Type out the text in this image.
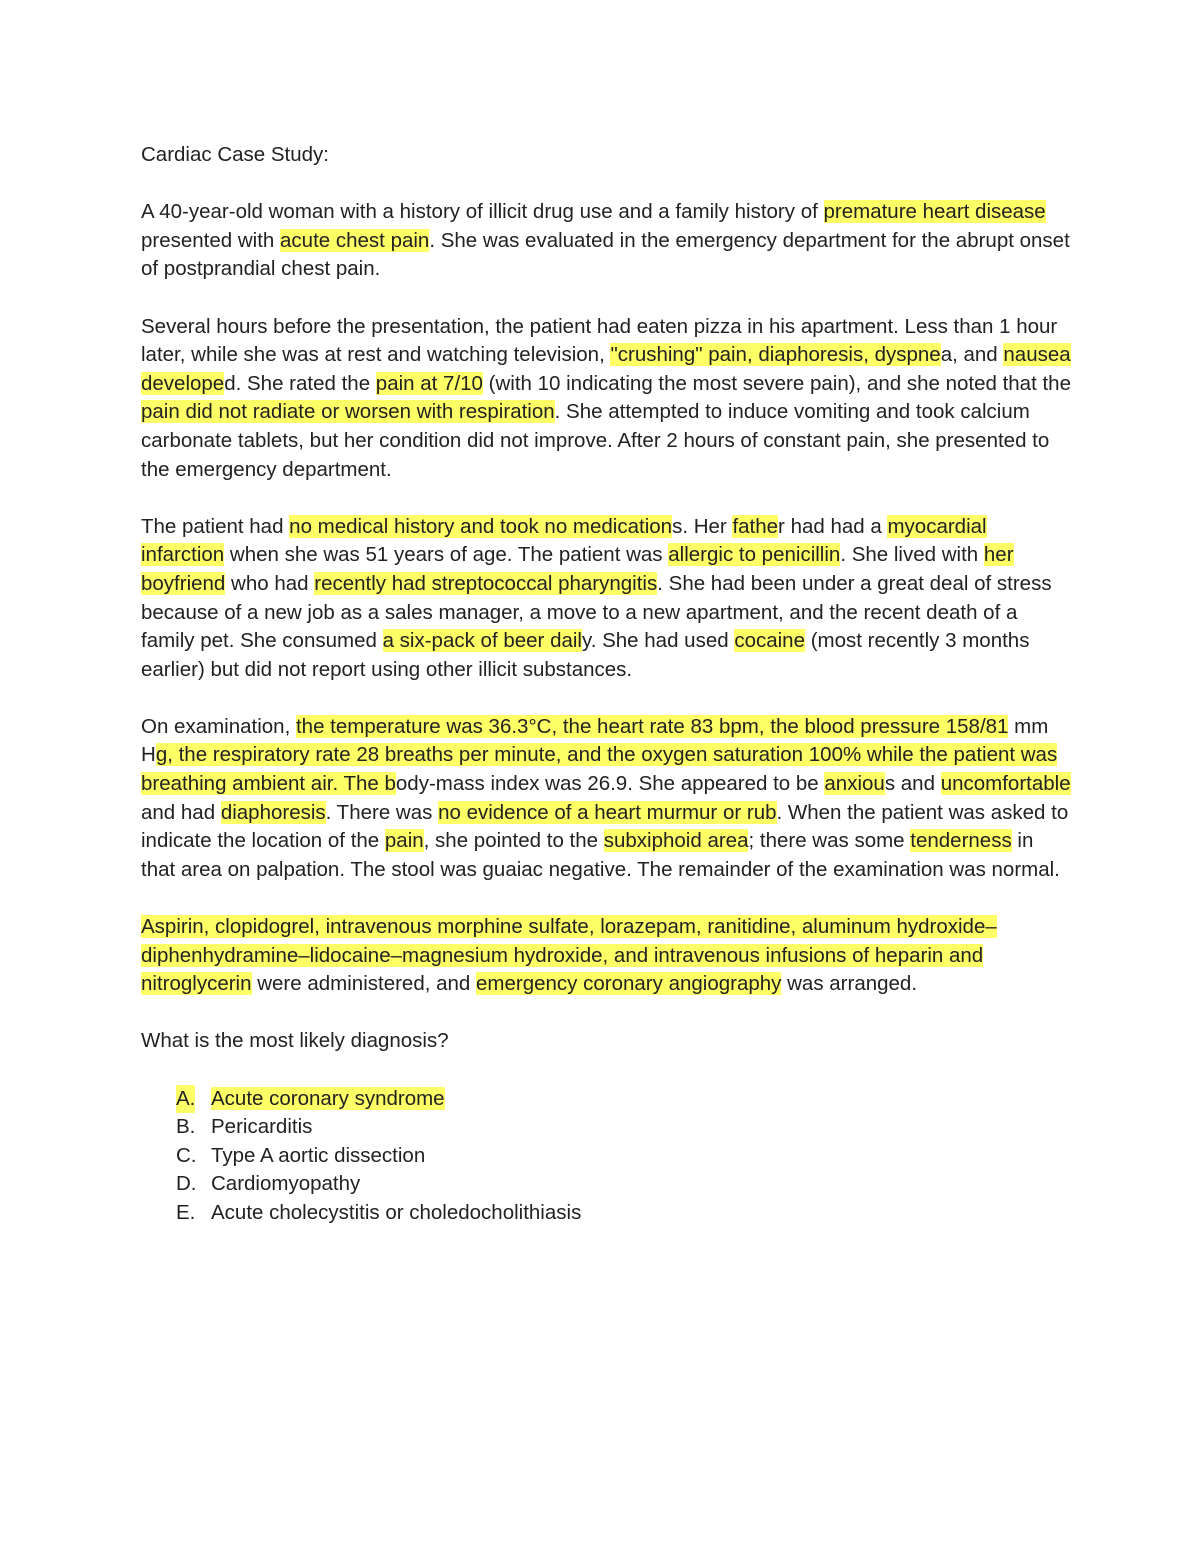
Cardiac Case Study:

A 40-year-old woman with a history of illicit drug use and a family history of premature heart disease presented with acute chest pain. She was evaluated in the emergency department for the abrupt onset of postprandial chest pain.

Several hours before the presentation, the patient had eaten pizza in his apartment. Less than 1 hour later, while she was at rest and watching television, "crushing" pain, diaphoresis, dyspnea, and nausea developed. She rated the pain at 7/10 (with 10 indicating the most severe pain), and she noted that the pain did not radiate or worsen with respiration. She attempted to induce vomiting and took calcium carbonate tablets, but her condition did not improve. After 2 hours of constant pain, she presented to the emergency department.

The patient had no medical history and took no medications. Her father had had a myocardial infarction when she was 51 years of age. The patient was allergic to penicillin. She lived with her boyfriend who had recently had streptococcal pharyngitis. She had been under a great deal of stress because of a new job as a sales manager, a move to a new apartment, and the recent death of a family pet. She consumed a six-pack of beer daily. She had used cocaine (most recently 3 months earlier) but did not report using other illicit substances.

On examination, the temperature was 36.3°C, the heart rate 83 bpm, the blood pressure 158/81 mm Hg, the respiratory rate 28 breaths per minute, and the oxygen saturation 100% while the patient was breathing ambient air. The body-mass index was 26.9. She appeared to be anxious and uncomfortable and had diaphoresis. There was no evidence of a heart murmur or rub. When the patient was asked to indicate the location of the pain, she pointed to the subxiphoid area; there was some tenderness in that area on palpation. The stool was guaiac negative. The remainder of the examination was normal.

Aspirin, clopidogrel, intravenous morphine sulfate, lorazepam, ranitidine, aluminum hydroxide–diphenhydramine–lidocaine–magnesium hydroxide, and intravenous infusions of heparin and nitroglycerin were administered, and emergency coronary angiography was arranged.

What is the most likely diagnosis?

A. Acute coronary syndrome
B. Pericarditis
C. Type A aortic dissection
D. Cardiomyopathy
E. Acute cholecystitis or choledocholithiasis
